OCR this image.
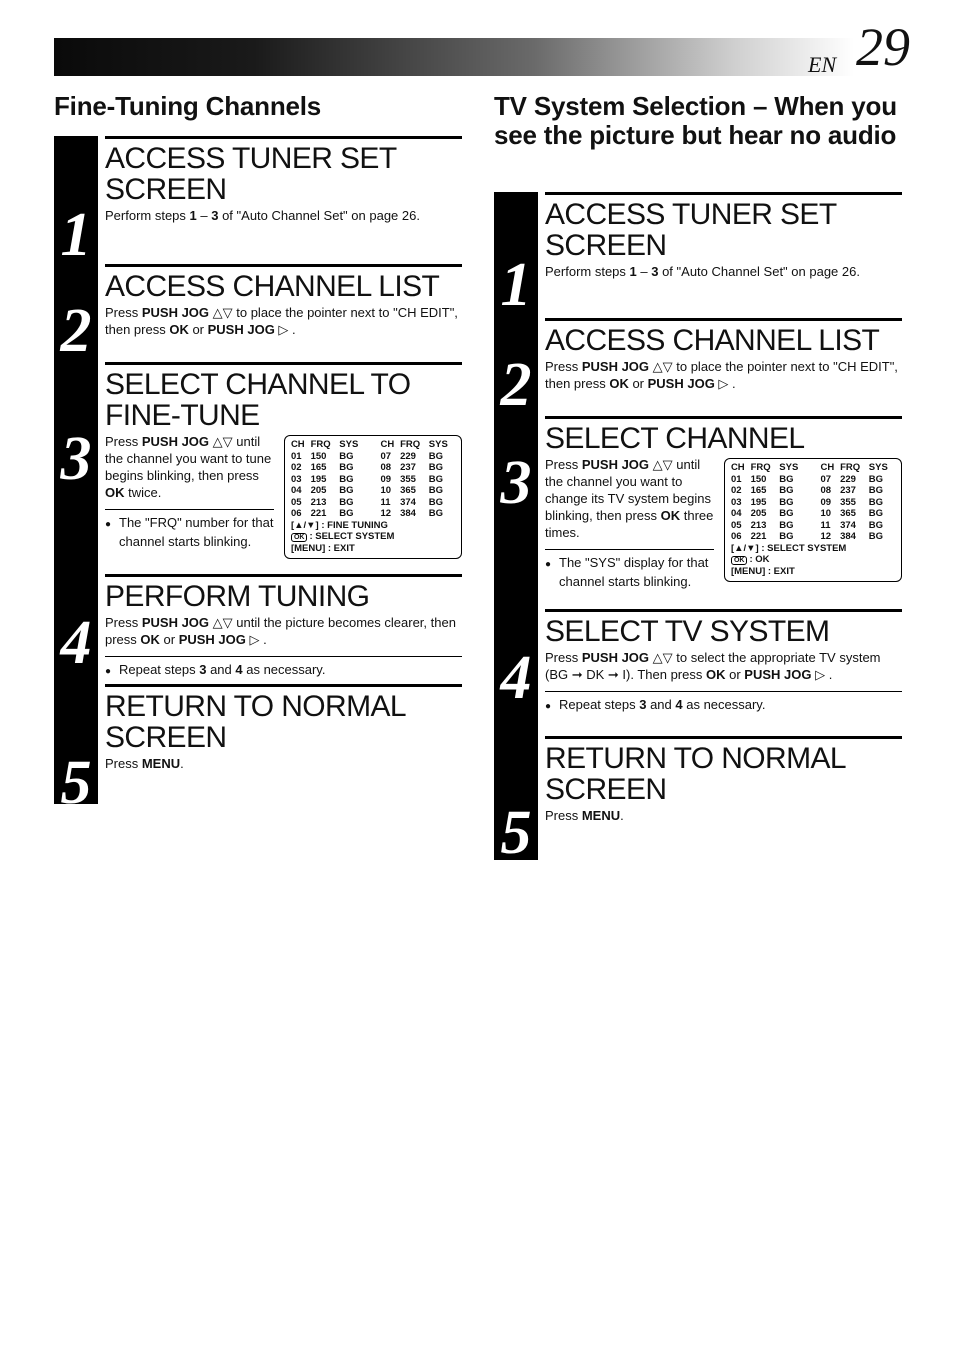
EN 29
Fine-Tuning Channels
1
ACCESS TUNER SET SCREEN
Perform steps 1 – 3 of "Auto Channel Set" on page 26.
2
ACCESS CHANNEL LIST
Press PUSH JOG △▽ to place the pointer next to "CH EDIT", then press OK or PUSH JOG ▷ .
3
SELECT CHANNEL TO FINE-TUNE
Press PUSH JOG △▽ until the channel you want to tune begins blinking, then press OK twice.
● The "FRQ" number for that channel starts blinking.
CH	FRQ	SYS		CH	FRQ	SYS
01	150	BG		07	229	BG
02	165	BG		08	237	BG
03	195	BG		09	355	BG
04	205	BG		10	365	BG
05	213	BG		11	374	BG
06	221	BG		12	384	BG
[▲/▼] : FINE TUNING
OK : SELECT SYSTEM
[MENU] : EXIT
4
PERFORM TUNING
Press PUSH JOG △▽ until the picture becomes clearer, then press OK or PUSH JOG ▷ .
● Repeat steps 3 and 4 as necessary.
5
RETURN TO NORMAL SCREEN
Press MENU.
TV System Selection – When you see the picture but hear no audio
1
ACCESS TUNER SET SCREEN
Perform steps 1 – 3 of "Auto Channel Set" on page 26.
2
ACCESS CHANNEL LIST
Press PUSH JOG △▽ to place the pointer next to "CH EDIT", then press OK or PUSH JOG ▷ .
3
SELECT CHANNEL
Press PUSH JOG △▽ until the channel you want to change its TV system begins blinking, then press OK three times.
● The "SYS" display for that channel starts blinking.
CH	FRQ	SYS		CH	FRQ	SYS
01	150	BG		07	229	BG
02	165	BG		08	237	BG
03	195	BG		09	355	BG
04	205	BG		10	365	BG
05	213	BG		11	374	BG
06	221	BG		12	384	BG
[▲/▼] : SELECT SYSTEM
OK : OK
[MENU] : EXIT
4
SELECT TV SYSTEM
Press PUSH JOG △▽ to select the appropriate TV system (BG ➞ DK ➞ I). Then press OK or PUSH JOG ▷ .
● Repeat steps 3 and 4 as necessary.
5
RETURN TO NORMAL SCREEN
Press MENU.
